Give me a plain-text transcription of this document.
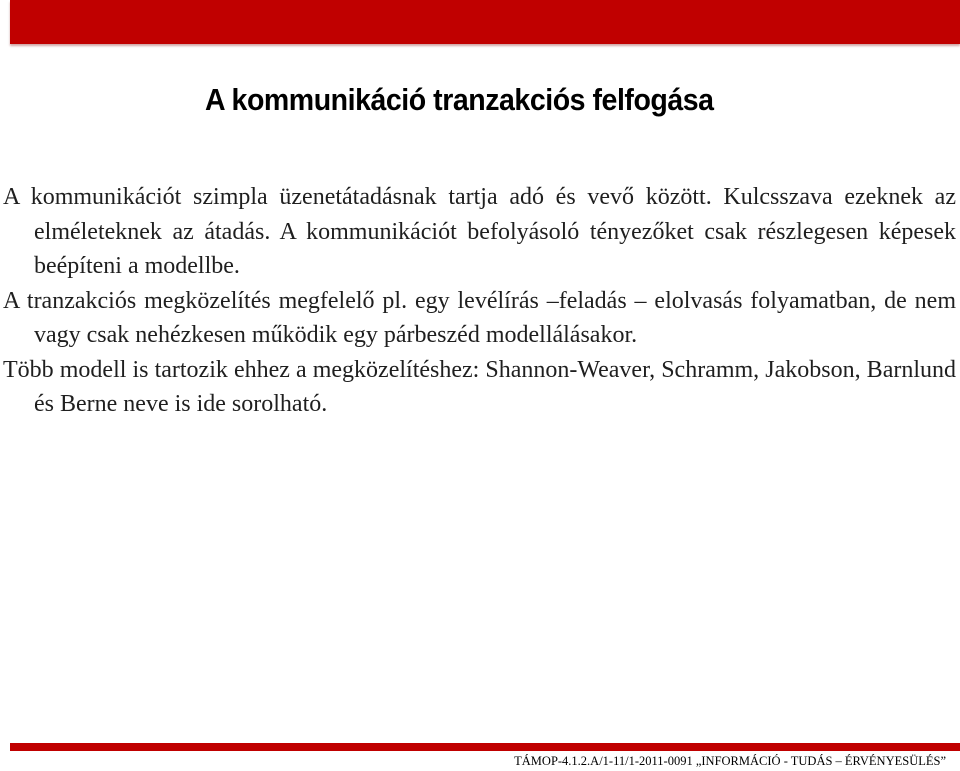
A kommunikáció tranzakciós felfogása

A kommunikációt szimpla üzenetátadásnak tartja adó és vevő között. Kulcsszava ezeknek az elméleteknek az átadás. A kommunikációt befolyásoló tényezőket csak részlegesen képesek beépíteni a modellbe.

A tranzakciós megközelítés megfelelő pl. egy levélírás –feladás – elolvasás folyamatban, de nem vagy csak nehézkesen működik egy párbeszéd modellálásakor.

Több modell is tartozik ehhez a megközelítéshez: Shannon-Weaver, Schramm, Jakobson, Barnlund és Berne neve is ide sorolható.

TÁMOP-4.1.2.A/1-11/1-2011-0091 „INFORMÁCIÓ - TUDÁS – ÉRVÉNYESÜLÉS”
